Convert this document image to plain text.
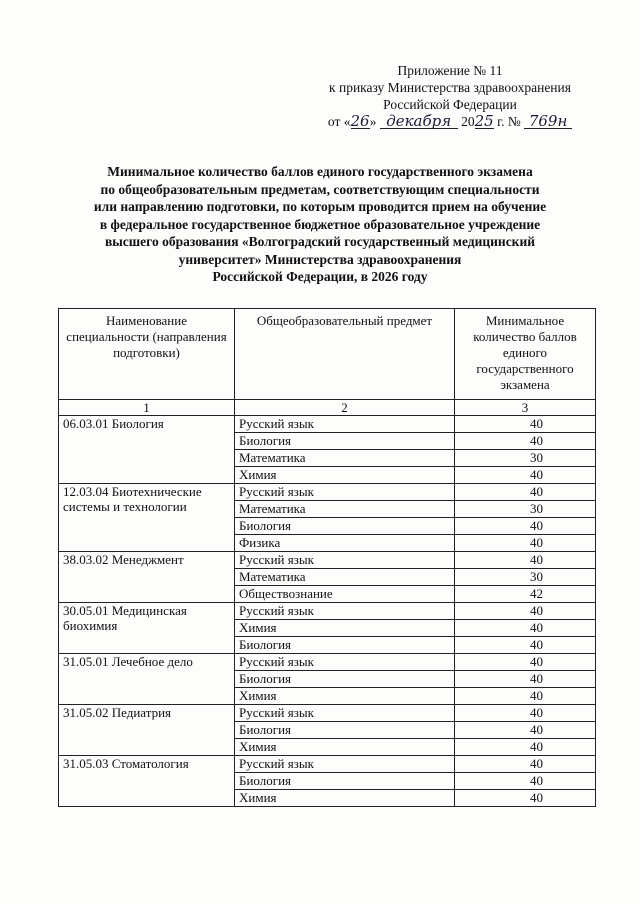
Приложение № 11
к приказу Министерства здравоохранения
Российской Федерации
от «26» декабря 2025 г. № 769н
Минимальное количество баллов единого государственного экзамена
по общеобразовательным предметам, соответствующим специальности
или направлению подготовки, по которым проводится прием на обучение
в федеральное государственное бюджетное образовательное учреждение
высшего образования «Волгоградский государственный медицинский
университет» Министерства здравоохранения
Российской Федерации, в 2026 году
Наименование специальности (направления подготовки)	Общеобразовательный предмет	Минимальное количество баллов единого государственного экзамена
1	2	3
06.03.01 Биология	Русский язык	40
	Биология	40
	Математика	30
	Химия	40
12.03.04 Биотехнические системы и технологии	Русский язык	40
	Математика	30
	Биология	40
	Физика	40
38.03.02 Менеджмент	Русский язык	40
	Математика	30
	Обществознание	42
30.05.01 Медицинская биохимия	Русский язык	40
	Химия	40
	Биология	40
31.05.01 Лечебное дело	Русский язык	40
	Биология	40
	Химия	40
31.05.02 Педиатрия	Русский язык	40
	Биология	40
	Химия	40
31.05.03 Стоматология	Русский язык	40
	Биология	40
	Химия	40
